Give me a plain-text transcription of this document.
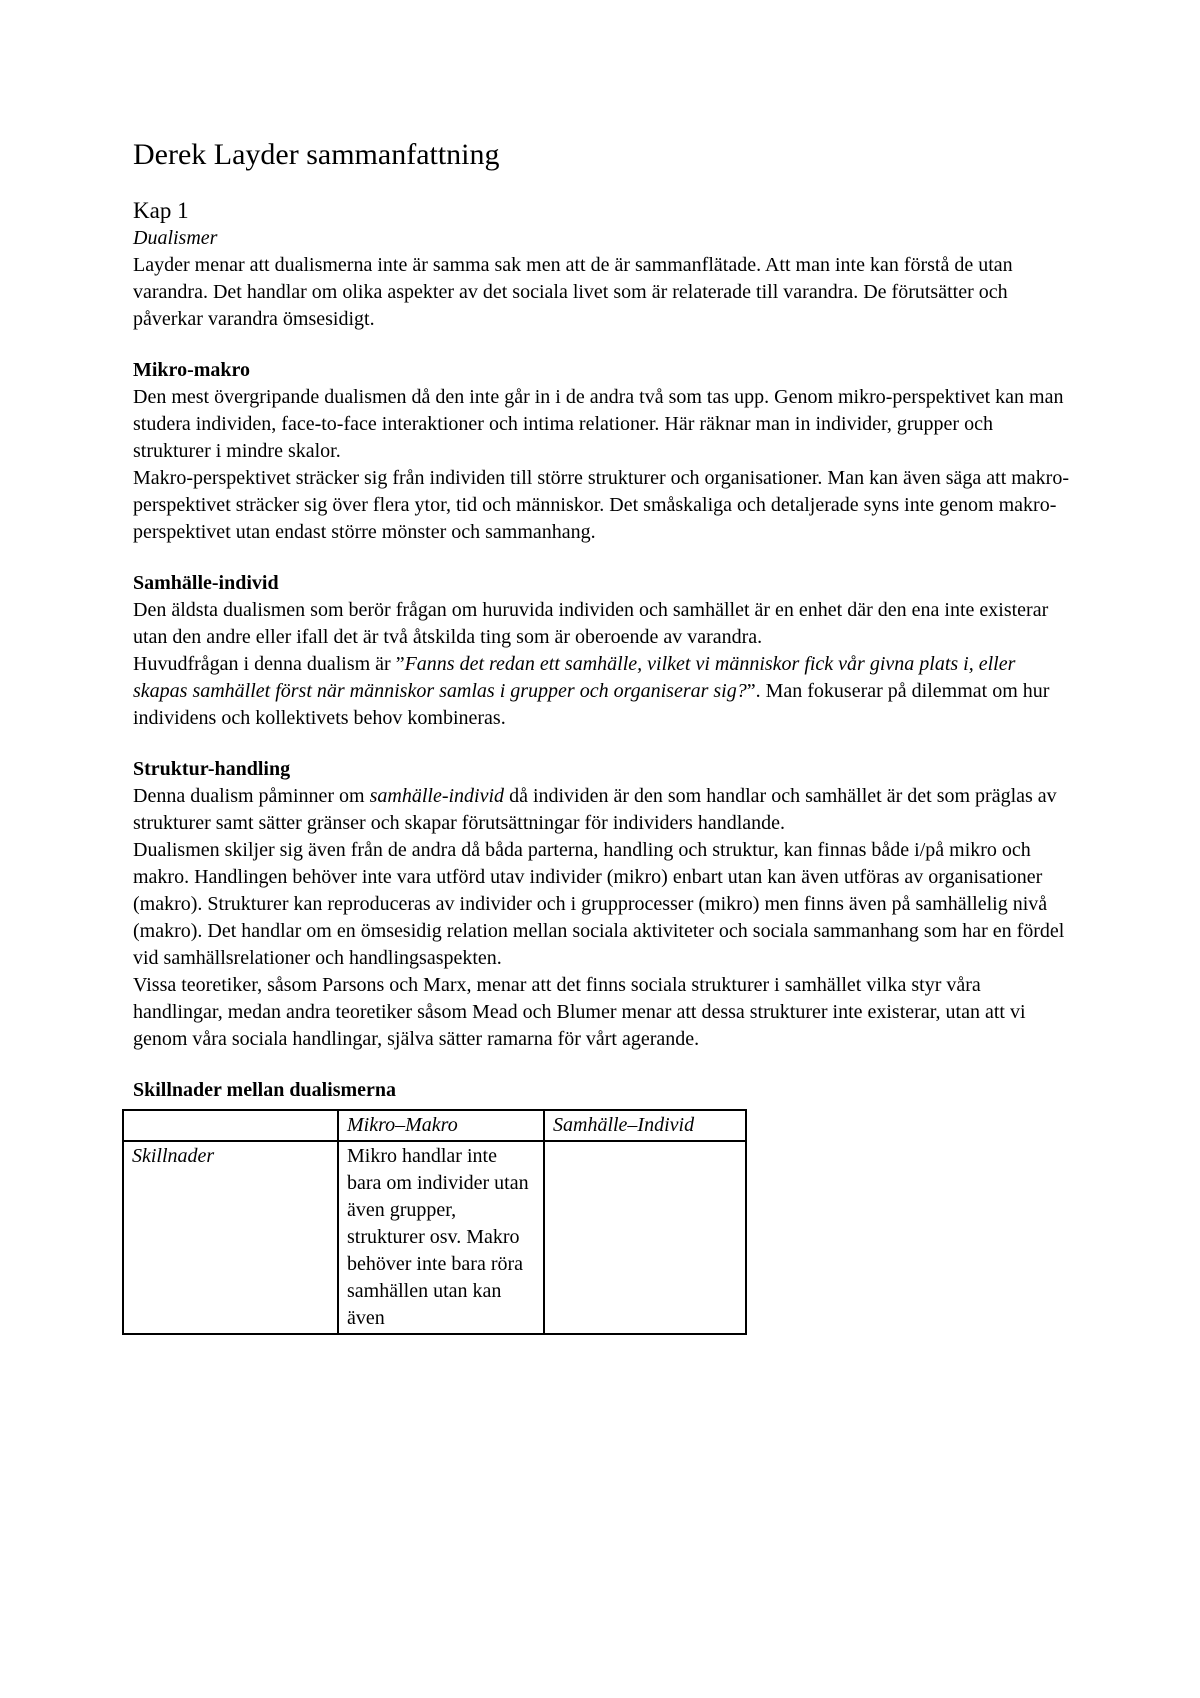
Derek Layder sammanfattning
Kap 1

Dualismer

Layder menar att dualismerna inte är samma sak men att de är sammanflätade. Att man inte kan förstå de utan varandra. Det handlar om olika aspekter av det sociala livet som är relaterade till varandra. De förutsätter och påverkar varandra ömsesidigt.

Mikro-makro

Den mest övergripande dualismen då den inte går in i de andra två som tas upp. Genom mikro-perspektivet kan man studera individen, face-to-face interaktioner och intima relationer. Här räknar man in individer, grupper och strukturer i mindre skalor.

Makro-perspektivet sträcker sig från individen till större strukturer och organisationer. Man kan även säga att makro-perspektivet sträcker sig över flera ytor, tid och människor. Det småskaliga och detaljerade syns inte genom makro-perspektivet utan endast större mönster och sammanhang.

Samhälle-individ

Den äldsta dualismen som berör frågan om huruvida individen och samhället är en enhet där den ena inte existerar utan den andre eller ifall det är två åtskilda ting som är oberoende av varandra.

Huvudfrågan i denna dualism är ”Fanns det redan ett samhälle, vilket vi människor fick vår givna plats i, eller skapas samhället först när människor samlas i grupper och organiserar sig?”. Man fokuserar på dilemmat om hur individens och kollektivets behov kombineras.

Struktur-handling

Denna dualism påminner om samhälle-individ då individen är den som handlar och samhället är det som präglas av strukturer samt sätter gränser och skapar förutsättningar för individers handlande.

Dualismen skiljer sig även från de andra då båda parterna, handling och struktur, kan finnas både i/på mikro och makro. Handlingen behöver inte vara utförd utav individer (mikro) enbart utan kan även utföras av organisationer (makro). Strukturer kan reproduceras av individer och i grupprocesser (mikro) men finns även på samhällelig nivå (makro). Det handlar om en ömsesidig relation mellan sociala aktiviteter och sociala sammanhang som har en fördel vid samhällsrelationer och handlingsaspekten.

Vissa teoretiker, såsom Parsons och Marx, menar att det finns sociala strukturer i samhället vilka styr våra handlingar, medan andra teoretiker såsom Mead och Blumer menar att dessa strukturer inte existerar, utan att vi genom våra sociala handlingar, själva sätter ramarna för vårt agerande.

Skillnader mellan dualismerna

	Mikro–Makro	Samhälle–Individ
Skillnader	Mikro handlar inte bara om individer utan även grupper, strukturer osv. Makro behöver inte bara röra samhällen utan kan även	
